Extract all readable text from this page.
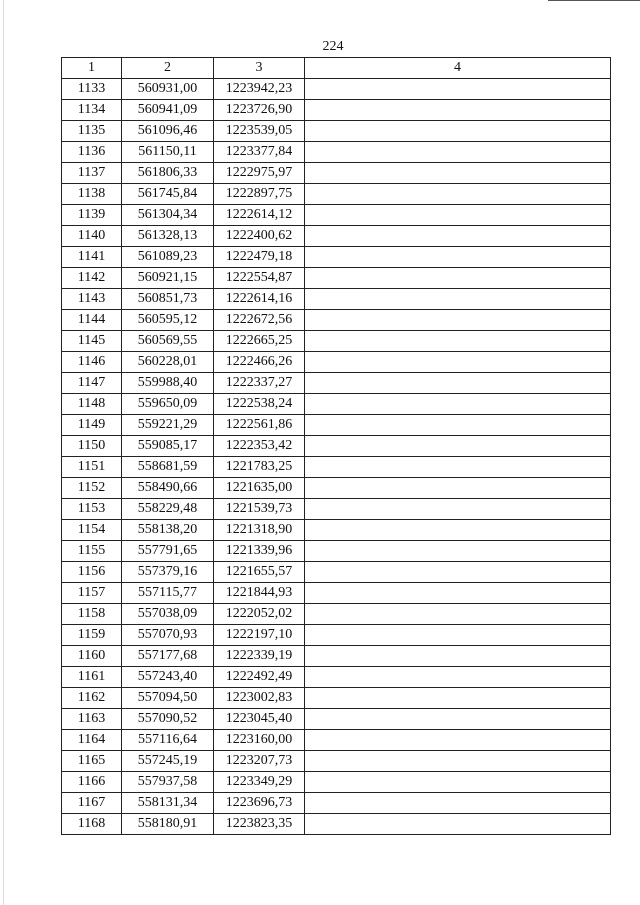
224
1	2	3	4
1133	560931,00	1223942,23	
1134	560941,09	1223726,90	
1135	561096,46	1223539,05	
1136	561150,11	1223377,84	
1137	561806,33	1222975,97	
1138	561745,84	1222897,75	
1139	561304,34	1222614,12	
1140	561328,13	1222400,62	
1141	561089,23	1222479,18	
1142	560921,15	1222554,87	
1143	560851,73	1222614,16	
1144	560595,12	1222672,56	
1145	560569,55	1222665,25	
1146	560228,01	1222466,26	
1147	559988,40	1222337,27	
1148	559650,09	1222538,24	
1149	559221,29	1222561,86	
1150	559085,17	1222353,42	
1151	558681,59	1221783,25	
1152	558490,66	1221635,00	
1153	558229,48	1221539,73	
1154	558138,20	1221318,90	
1155	557791,65	1221339,96	
1156	557379,16	1221655,57	
1157	557115,77	1221844,93	
1158	557038,09	1222052,02	
1159	557070,93	1222197,10	
1160	557177,68	1222339,19	
1161	557243,40	1222492,49	
1162	557094,50	1223002,83	
1163	557090,52	1223045,40	
1164	557116,64	1223160,00	
1165	557245,19	1223207,73	
1166	557937,58	1223349,29	
1167	558131,34	1223696,73	
1168	558180,91	1223823,35	
